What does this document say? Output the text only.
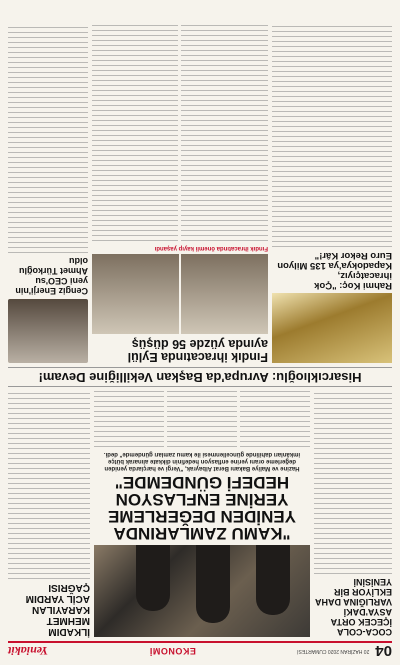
04
20 HAZİRAN 2020 CUMARTESİ
EKONOMİ
Yeniakit
COCA-COLA İÇECEK ORTA ASYA'DAKİ VARLIĞINA DAHA EKLİYOR BİR YENİSİNİ
"KAMU ZAMLARINDA YENİDEN DEĞERLEME YERİNE ENFLASYON HEDEFİ GÜNDEMDE"
Hazine ve Maliye Bakanı Berat Albayrak, "Vergi ve harçlarda yeniden değerleme oranı yerine enflasyon hedefinin dikkate alınarak bütçe imkânları dahilinde güncellenmesi ile kamu zamları gündemde" dedi.
İLKADIM MEHMET KARAYILAN ACİL YARDIM ÇAĞRISI
Hisarcıklıoğlu: Avrupa'da Başkan Vekilliğine Devam!
Rahmi Koç: "Çok ihracatçıyız, Kapadokya'ya 135 Milyon Euro Rekor Kâr!"
Fındık ihracatında Eylül ayında yüzde 56 düşüş
Fındık ihracatında önemli kayıp yaşandı
Cengiz Enerji'nin yeni CEO'su Ahmet Türkoğlu oldu
